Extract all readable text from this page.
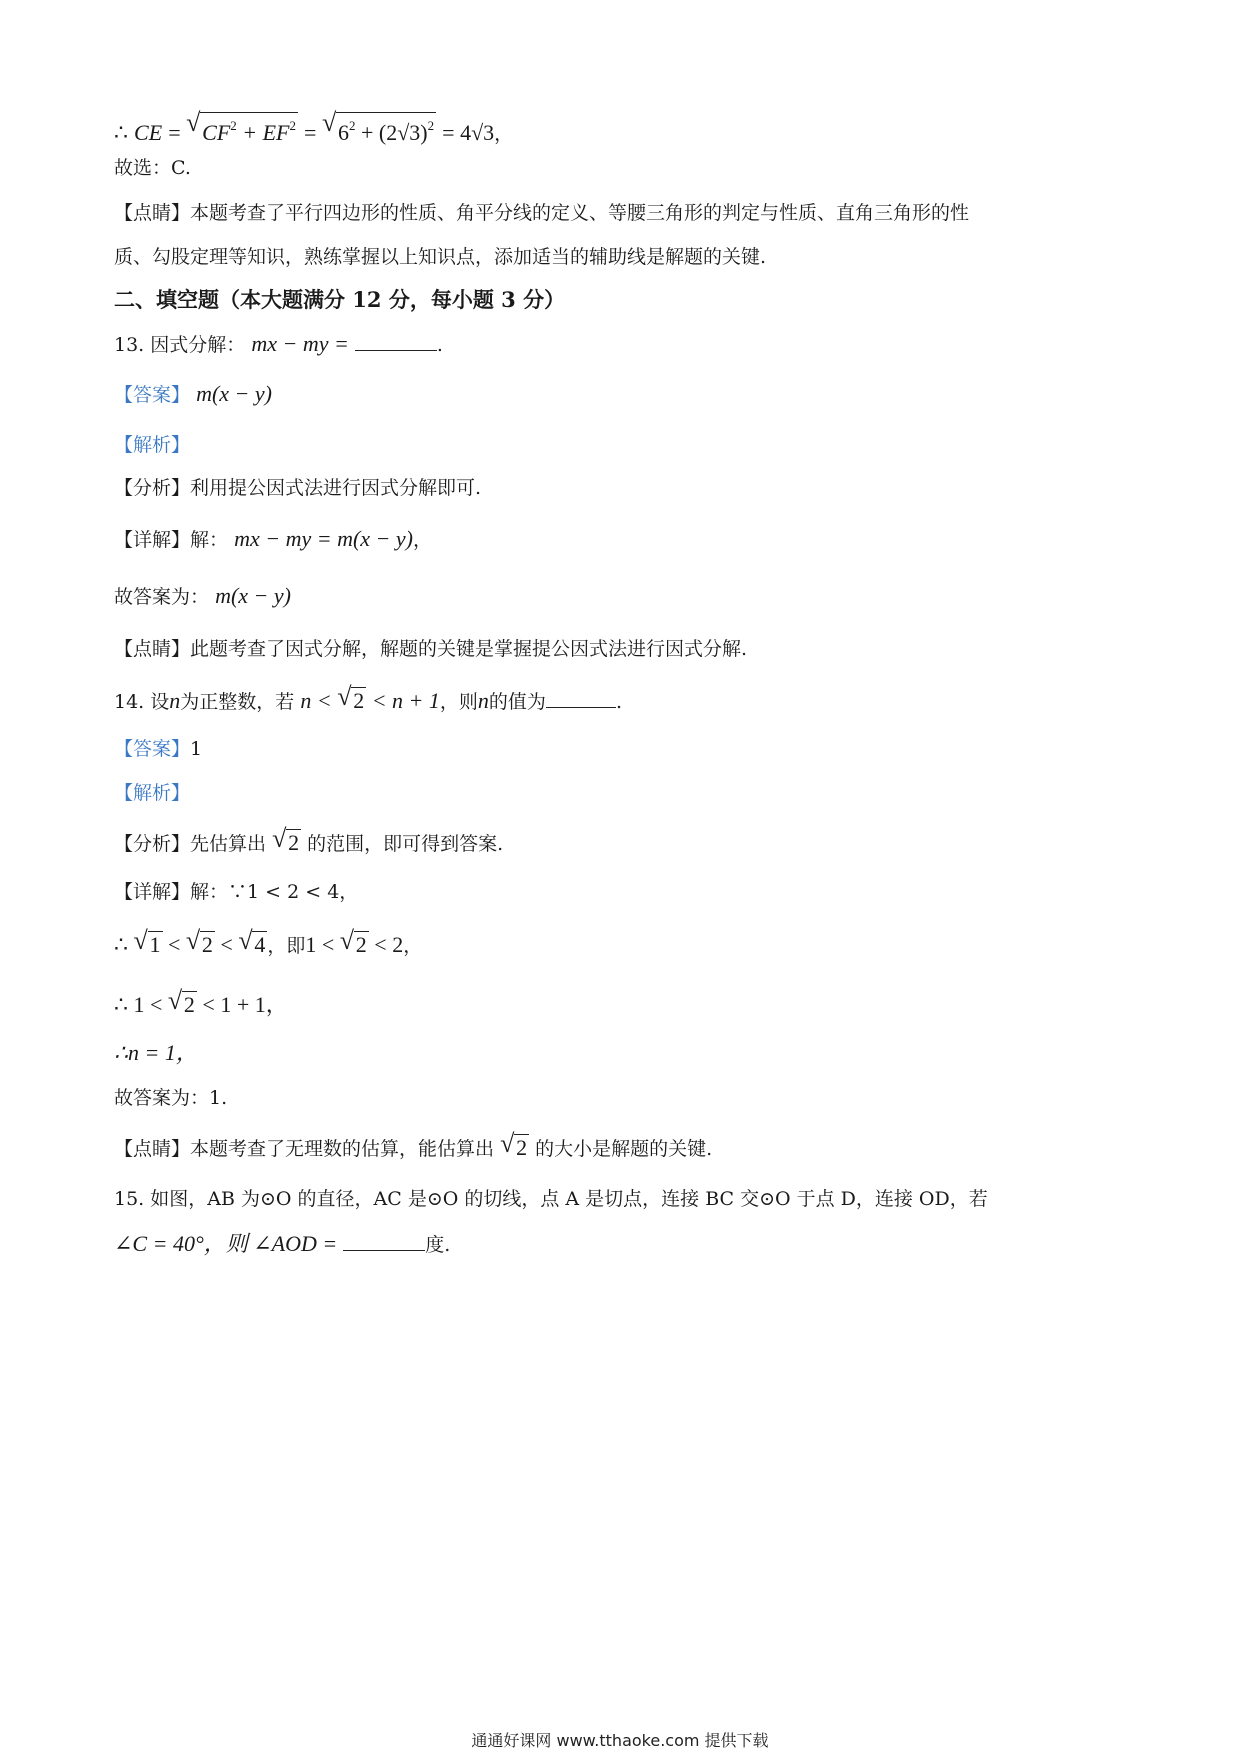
∴ CE = √ $CF^2 + EF^2$ = √ $6^2 + (2√3)^2 = 4√3$，
故选：C.
【点睛】本题考查了平行四边形的性质、角平分线的定义、等腰三角形的判定与性质、直角三角形的性
质、勾股定理等知识，熟练掌握以上知识点，添加适当的辅助线是解题的关键.
二、填空题（本大题满分 12 分，每小题 3 分）
13. 因式分解： mx − my =	.
【答案】 m(x − y)
【解析】
【分析】利用提公因式法进行因式分解即可.
【详解】解： mx − my = m(x − y)，
故答案为： m(x − y)
【点睛】此题考查了因式分解，解题的关键是掌握提公因式法进行因式分解.
14. 设n为正整数，若 n < √ 2 < n + 1，则n的值为	.
【答案】1
【解析】
【分析】先估算出 √ 2 的范围，即可得到答案.
【详解】解：∵1 < 2 < 4，
∴ √ 1 < √ 2 < √ 4 ，即1 < √ 2 < 2，
∴ 1 < √ 2 < 1 + 1，
∴n = 1，
故答案为：1.
【点睛】本题考查了无理数的估算，能估算出 √ 2 的大小是解题的关键.
15. 如图，AB 为⊙O 的直径，AC 是⊙O 的切线，点 A 是切点，连接 BC 交⊙O 于点 D，连接 OD，若
∠C = 40°，则 ∠AOD =	度.
通通好课网 www.tthaoke.com 提供下载
